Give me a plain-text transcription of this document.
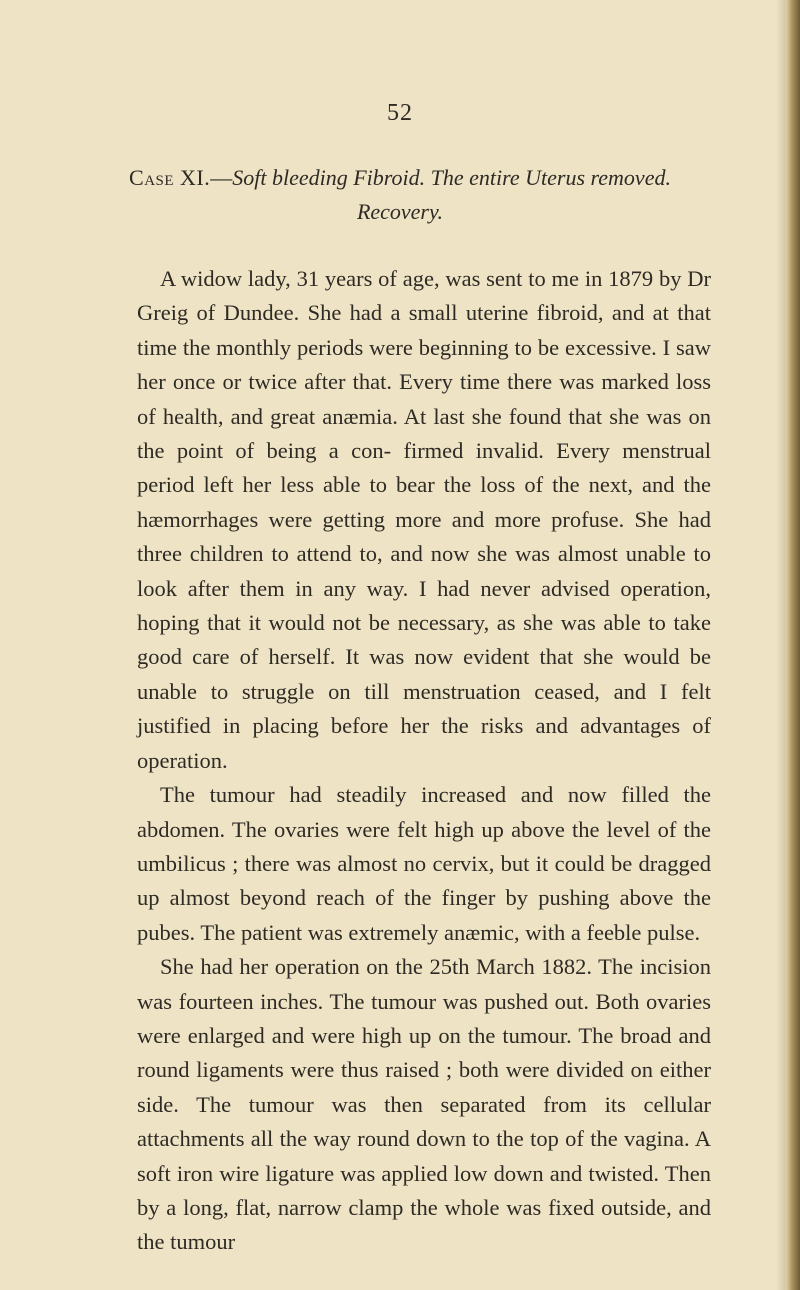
52
Case XI.—Soft bleeding Fibroid. The entire Uterus removed. Recovery.

A widow lady, 31 years of age, was sent to me in 1879 by Dr Greig of Dundee. She had a small uterine fibroid, and at that time the monthly periods were beginning to be excessive. I saw her once or twice after that. Every time there was marked loss of health, and great anæmia. At last she found that she was on the point of being a con- firmed invalid. Every menstrual period left her less able to bear the loss of the next, and the hæmorrhages were getting more and more profuse. She had three children to attend to, and now she was almost unable to look after them in any way. I had never advised operation, hoping that it would not be necessary, as she was able to take good care of herself. It was now evident that she would be unable to struggle on till menstruation ceased, and I felt justified in placing before her the risks and advantages of operation.

The tumour had steadily increased and now filled the abdomen. The ovaries were felt high up above the level of the umbilicus ; there was almost no cervix, but it could be dragged up almost beyond reach of the finger by pushing above the pubes. The patient was extremely anæmic, with a feeble pulse.

She had her operation on the 25th March 1882. The incision was fourteen inches. The tumour was pushed out. Both ovaries were enlarged and were high up on the tumour. The broad and round ligaments were thus raised ; both were divided on either side. The tumour was then separated from its cellular attachments all the way round down to the top of the vagina. A soft iron wire ligature was applied low down and twisted. Then by a long, flat, narrow clamp the whole was fixed outside, and the tumour
